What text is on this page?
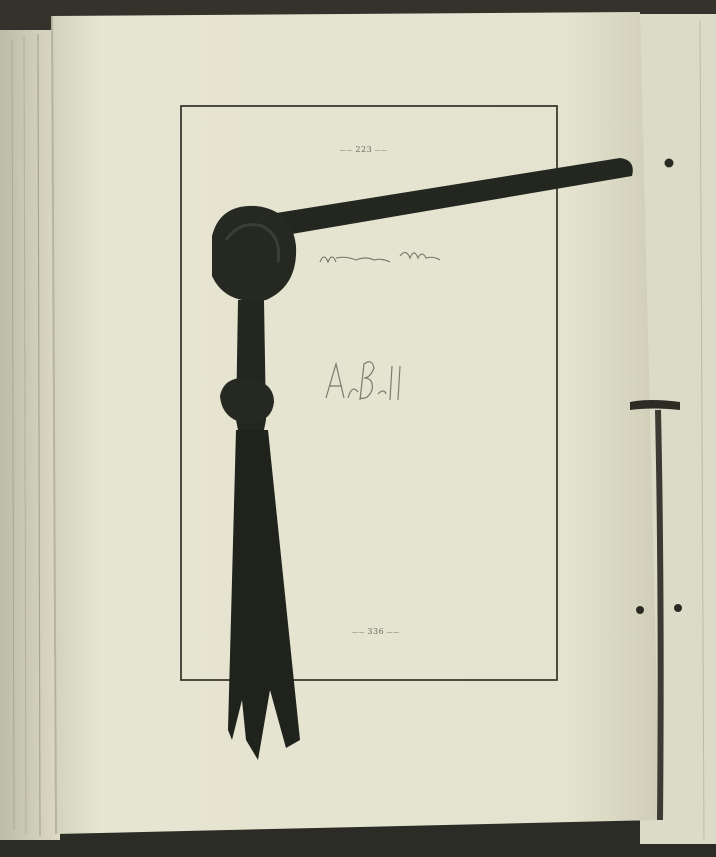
—— 223 ——
—— 336 ——
